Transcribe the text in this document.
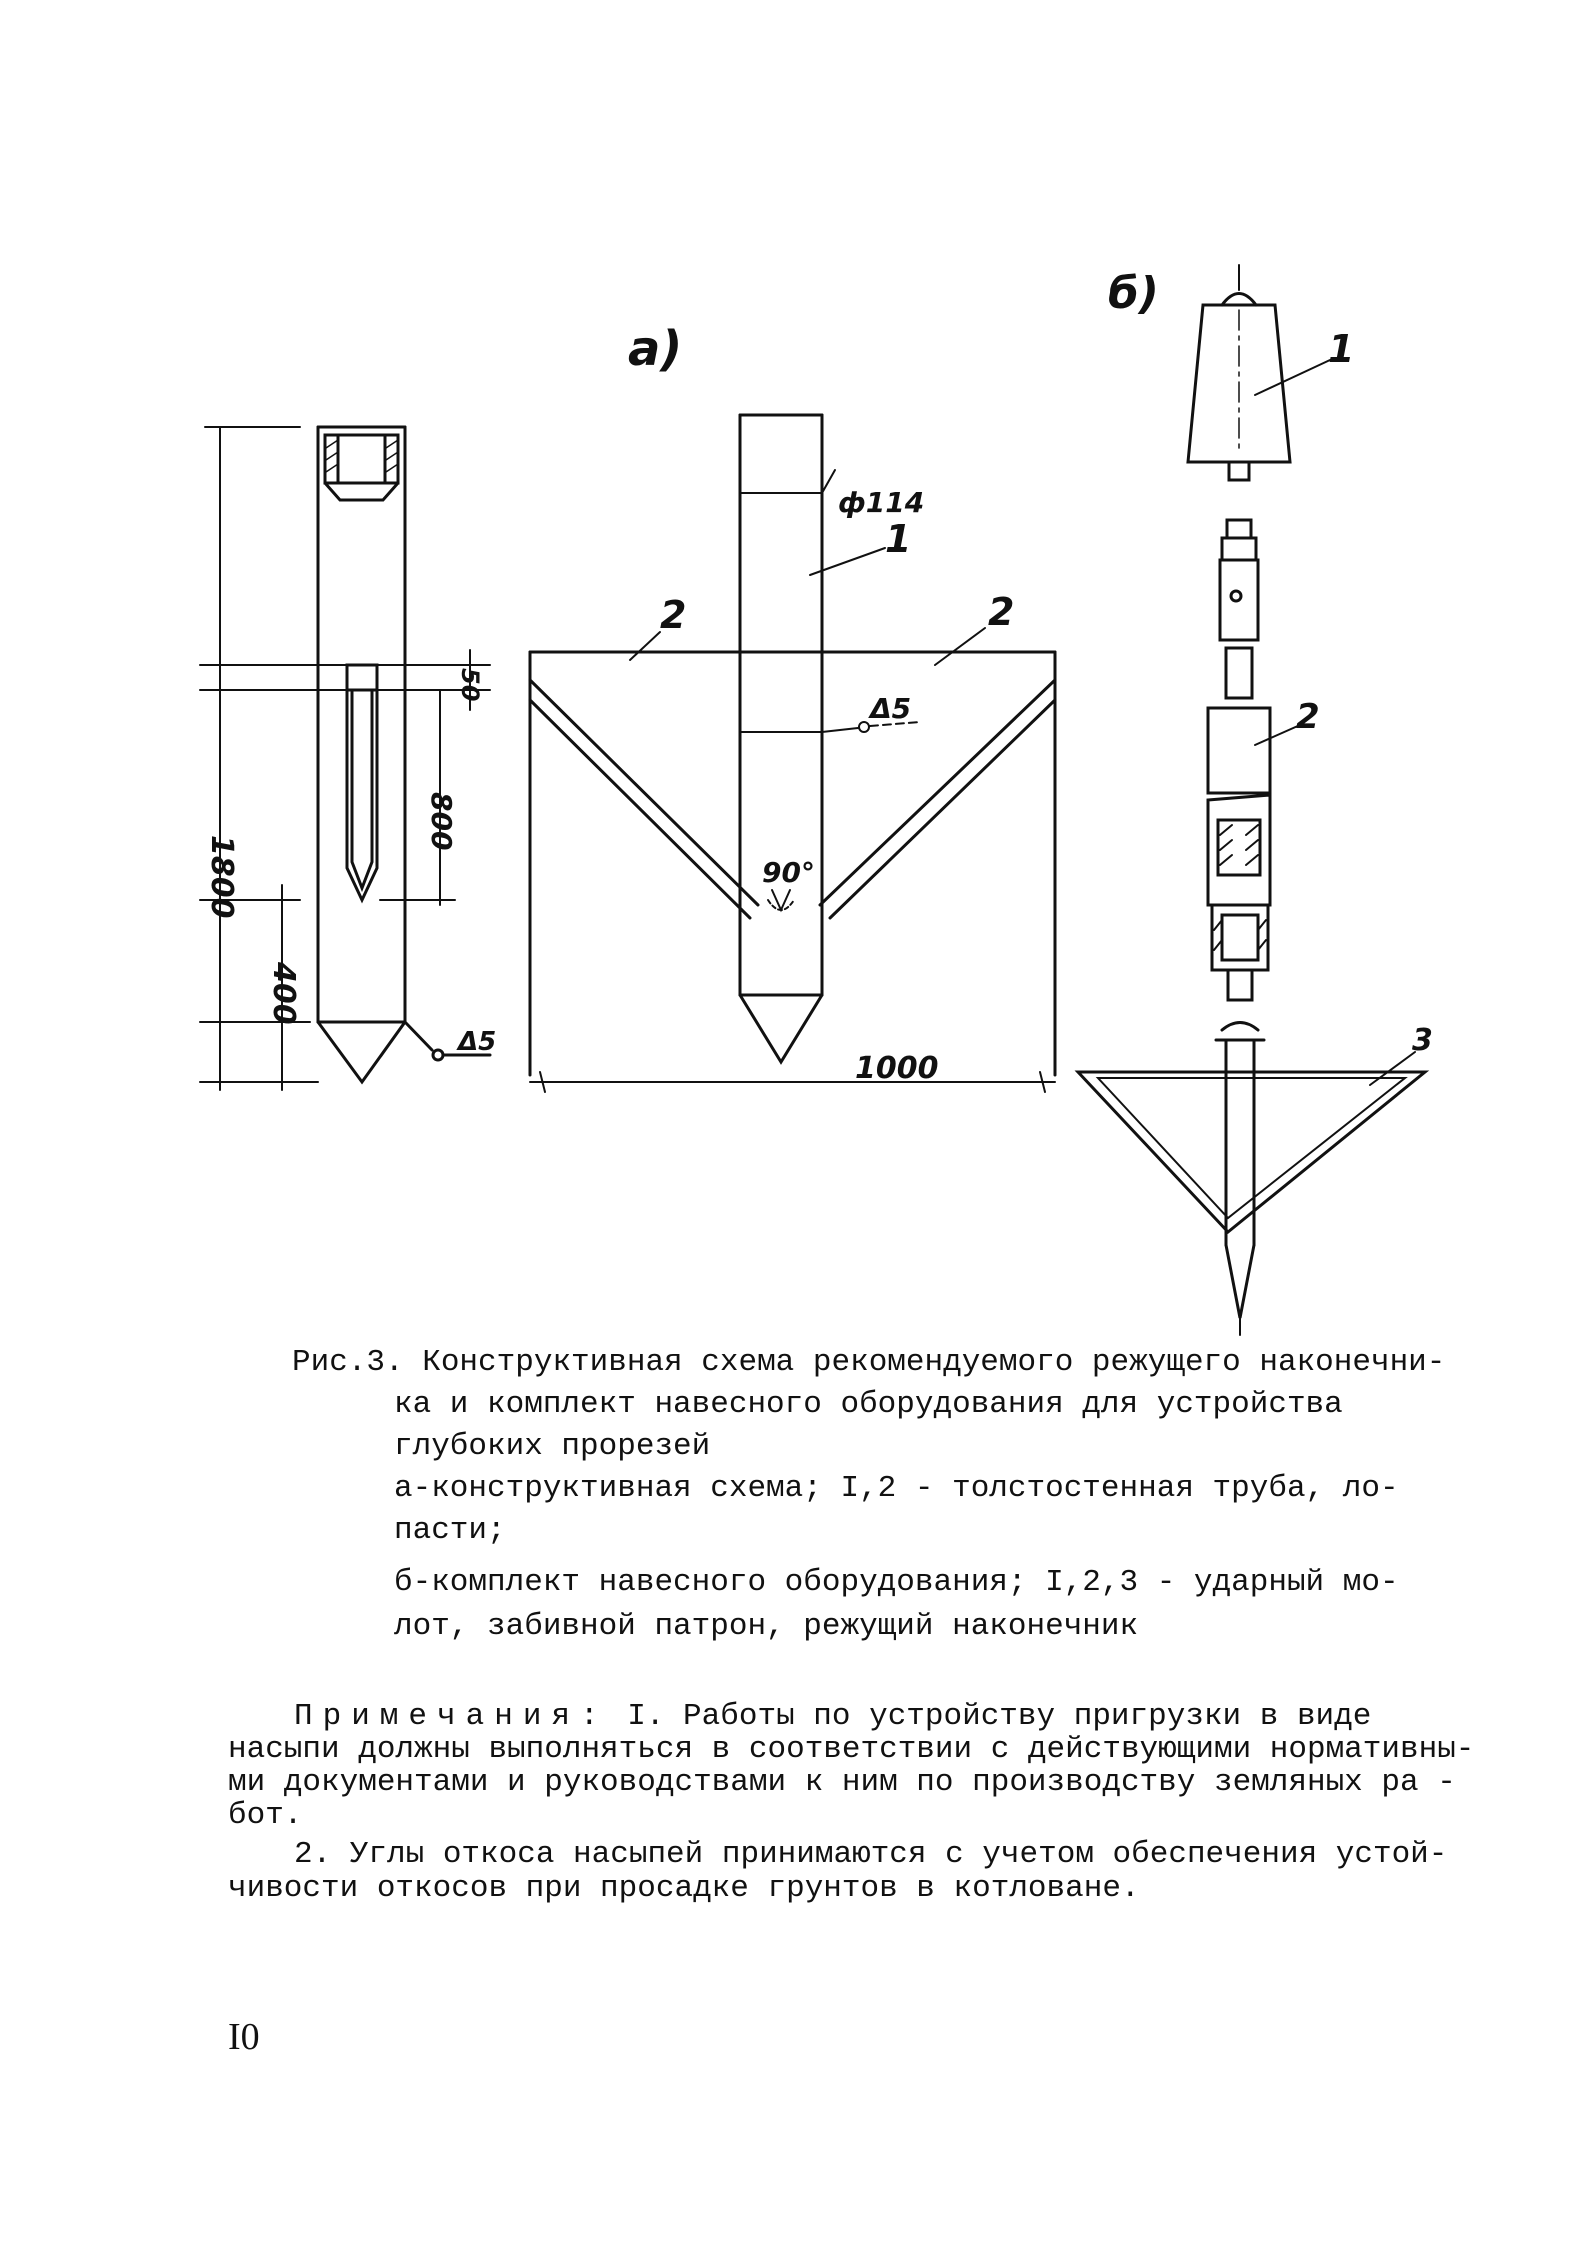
а)
б)
ф114
Δ5
Δ5
90°
1000
1800
800
50
400
1
2	2
1
2
3
Рис.3. Конструктивная схема рекомендуемого режущего наконечни-
ка и комплект навесного оборудования для устройства
глубоких прорезей
а-конструктивная схема; I,2 - толстостенная труба, ло-
пасти;
б-комплект навесного оборудования; I,2,3 - ударный мо-
лот, забивной патрон, режущий наконечник
Примечания: I. Работы по устройству пригрузки в виде
насыпи должны выполняться в соответствии с действующими нормативны-
ми документами и руководствами к ним по производству земляных ра -
бот.
2. Углы откоса насыпей принимаются с учетом обеспечения устой-
чивости откосов при просадке грунтов в котловане.
I0
